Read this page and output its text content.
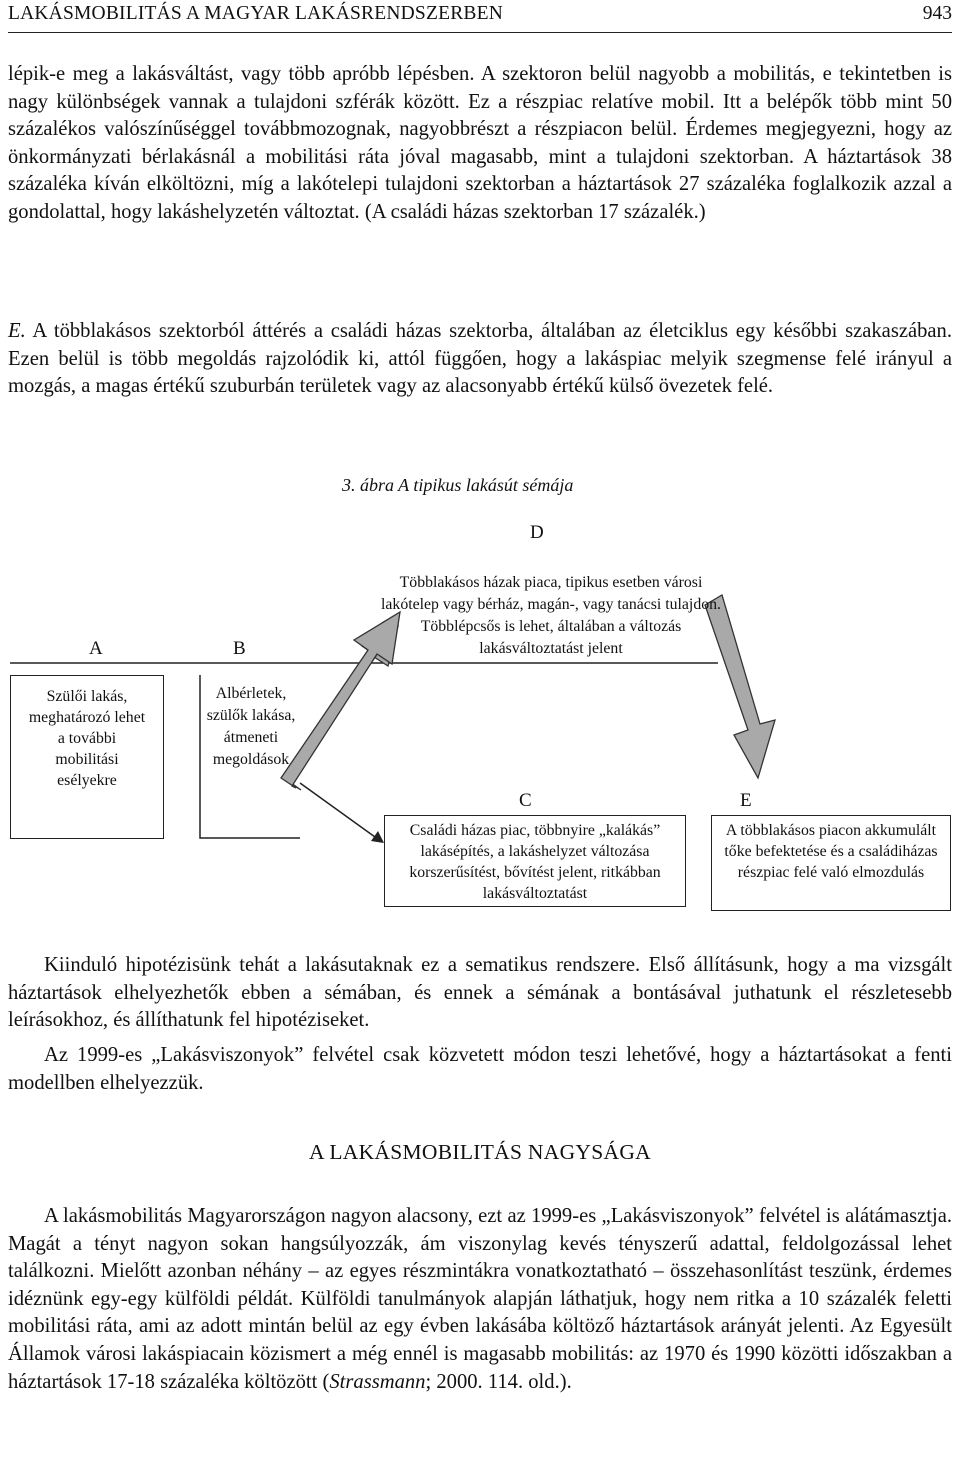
LAKÁSMOBILITÁS A MAGYAR LAKÁSRENDSZERBEN	943

lépik-e meg a lakásváltást, vagy több apróbb lépésben. A szektoron belül nagyobb a mobilitás, e tekintetben is nagy különbségek vannak a tulajdoni szférák között. Ez a részpiac relatíve mobil. Itt a belépők több mint 50 százalékos valószínűséggel továbbmozognak, nagyobbrészt a részpiacon belül. Érdemes megjegyezni, hogy az önkormányzati bérlakásnál a mobilitási ráta jóval magasabb, mint a tulajdoni szektorban. A háztartások 38 százaléka kíván elköltözni, míg a lakótelepi tulajdoni szektorban a háztartások 27 százaléka foglalkozik azzal a gondolattal, hogy lakáshelyzetén változtat. (A családi házas szektorban 17 százalék.)

E. A többlakásos szektorból áttérés a családi házas szektorba, általában az életciklus egy későbbi szakaszában. Ezen belül is több megoldás rajzolódik ki, attól függően, hogy a lakáspiac melyik szegmense felé irányul a mozgás, a magas értékű szuburbán területek vagy az alacsonyabb értékű külső övezetek felé.

3. ábra A tipikus lakásút sémája
D
A	B
C	E
Többlakásos házak piaca, tipikus esetben városi lakótelep vagy bérház, magán-, vagy tanácsi tulajdon. Többlépcsős is lehet, általában a változás lakásváltoztatást jelent
Szülői lakás, meghatározó lehet a további mobilitási esélyekre
Albérletek, szülők lakása, átmeneti megoldások
Családi házas piac, többnyire „kalákás” lakásépítés, a lakáshelyzet változása korszerűsítést, bővítést jelent, ritkábban lakásváltoztatást
A többlakásos piacon akkumulált tőke befektetése és a családiházas részpiac felé való elmozdulás

Kiinduló hipotézisünk tehát a lakásutaknak ez a sematikus rendszere. Első állításunk, hogy a ma vizsgált háztartások elhelyezhetők ebben a sémában, és ennek a sémának a bontásával juthatunk el részletesebb leírásokhoz, és állíthatunk fel hipotéziseket.

Az 1999-es „Lakásviszonyok” felvétel csak közvetett módon teszi lehetővé, hogy a háztartásokat a fenti modellben elhelyezzük.

A LAKÁSMOBILITÁS NAGYSÁGA

A lakásmobilitás Magyarországon nagyon alacsony, ezt az 1999-es „Lakásviszonyok” felvétel is alátámasztja. Magát a tényt nagyon sokan hangsúlyozzák, ám viszonylag kevés tényszerű adattal, feldolgozással lehet találkozni. Mielőtt azonban néhány – az egyes részmintákra vonatkoztatható – összehasonlítást teszünk, érdemes idéznünk egy-egy külföldi példát. Külföldi tanulmányok alapján láthatjuk, hogy nem ritka a 10 százalék feletti mobilitási ráta, ami az adott mintán belül az egy évben lakásába költöző háztartások arányát jelenti. Az Egyesült Államok városi lakáspiacain közismert a még ennél is magasabb mobilitás: az 1970 és 1990 közötti időszakban a háztartások 17-18 százaléka költözött (Strassmann; 2000. 114. old.).
